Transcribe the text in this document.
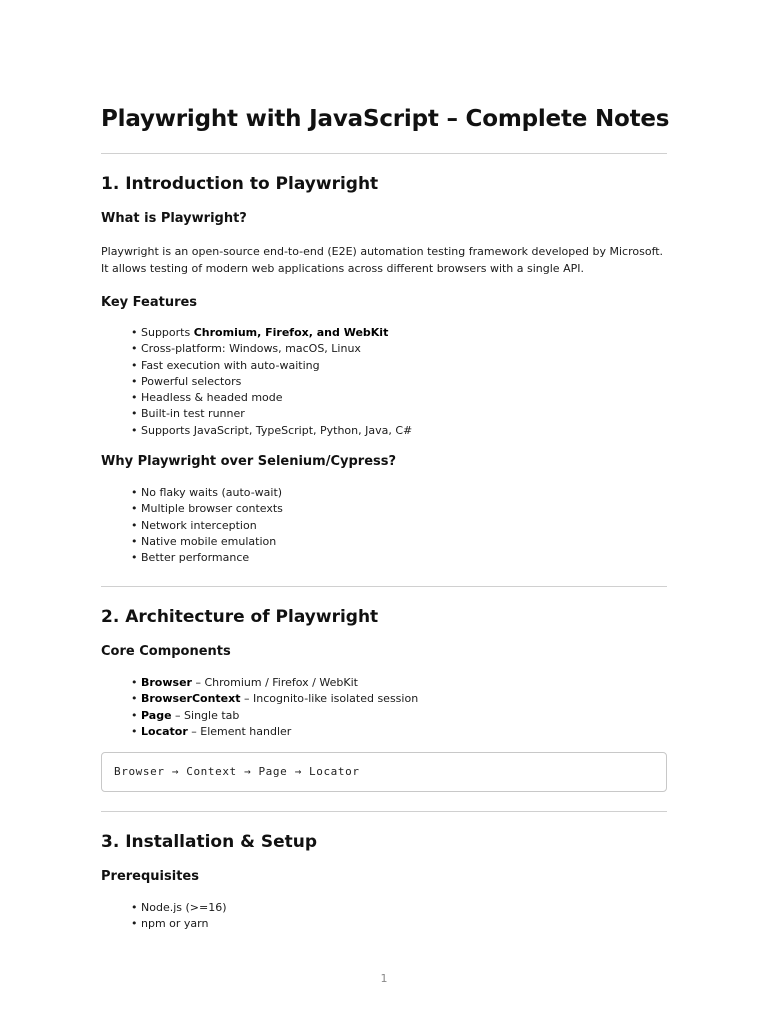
Playwright with JavaScript – Complete Notes
1. Introduction to Playwright
What is Playwright?

Playwright is an open-source end-to-end (E2E) automation testing framework developed by Microsoft. It allows testing of modern web applications across different browsers with a single API.

Key Features
• Supports Chromium, Firefox, and WebKit
• Cross-platform: Windows, macOS, Linux
• Fast execution with auto-waiting
• Powerful selectors
• Headless & headed mode
• Built-in test runner
• Supports JavaScript, TypeScript, Python, Java, C#
Why Playwright over Selenium/Cypress?
• No flaky waits (auto-wait)
• Multiple browser contexts
• Network interception
• Native mobile emulation
• Better performance
2. Architecture of Playwright
Core Components
• Browser – Chromium / Firefox / WebKit
• BrowserContext – Incognito-like isolated session
• Page – Single tab
• Locator – Element handler
Browser → Context → Page → Locator
3. Installation & Setup
Prerequisites
• Node.js (>=16)
• npm or yarn
1
